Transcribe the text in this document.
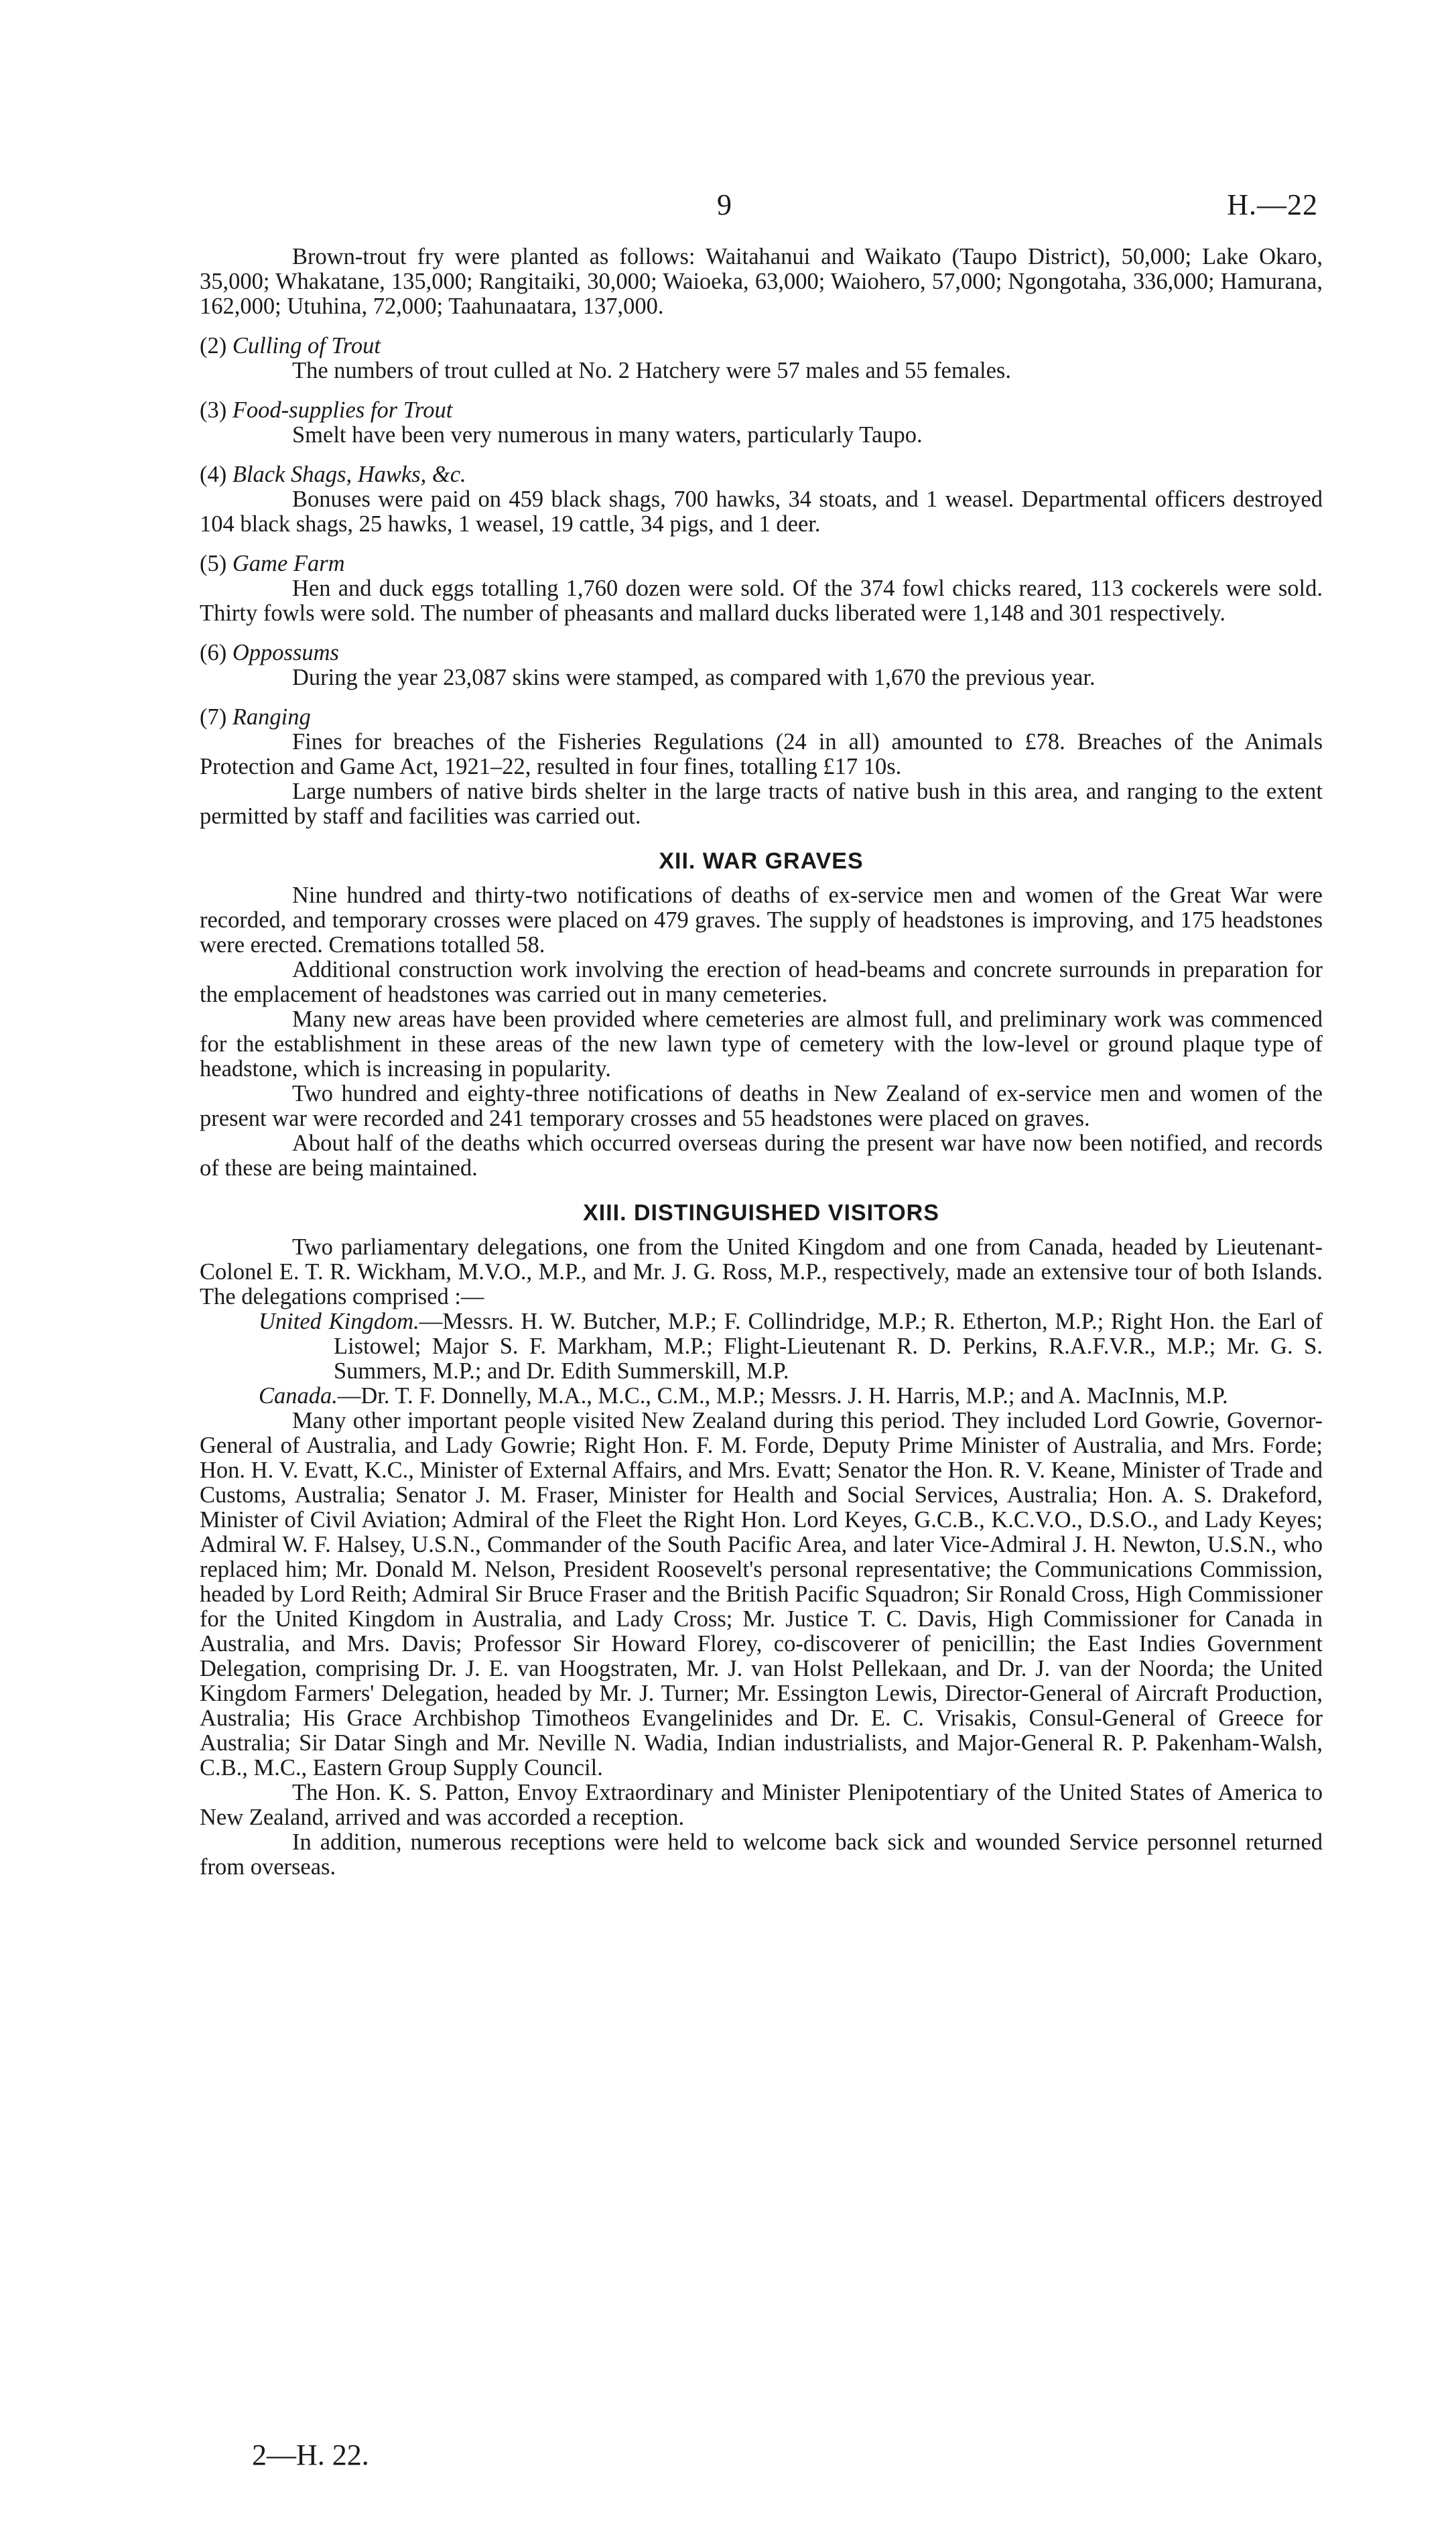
9	H.—22

Brown-trout fry were planted as follows: Waitahanui and Waikato (Taupo District), 50,000; Lake Okaro, 35,000; Whakatane, 135,000; Rangitaiki, 30,000; Waioeka, 63,000; Waiohero, 57,000; Ngongotaha, 336,000; Hamurana, 162,000; Utuhina, 72,000; Taahunaatara, 137,000.

(2) Culling of Trout

The numbers of trout culled at No. 2 Hatchery were 57 males and 55 females.

(3) Food-supplies for Trout

Smelt have been very numerous in many waters, particularly Taupo.

(4) Black Shags, Hawks, &c.

Bonuses were paid on 459 black shags, 700 hawks, 34 stoats, and 1 weasel. Departmental officers destroyed 104 black shags, 25 hawks, 1 weasel, 19 cattle, 34 pigs, and 1 deer.

(5) Game Farm

Hen and duck eggs totalling 1,760 dozen were sold. Of the 374 fowl chicks reared, 113 cockerels were sold. Thirty fowls were sold. The number of pheasants and mallard ducks liberated were 1,148 and 301 respectively.

(6) Oppossums

During the year 23,087 skins were stamped, as compared with 1,670 the previous year.

(7) Ranging

Fines for breaches of the Fisheries Regulations (24 in all) amounted to £78. Breaches of the Animals Protection and Game Act, 1921–22, resulted in four fines, totalling £17 10s.

Large numbers of native birds shelter in the large tracts of native bush in this area, and ranging to the extent permitted by staff and facilities was carried out.

XII. WAR GRAVES

Nine hundred and thirty-two notifications of deaths of ex-service men and women of the Great War were recorded, and temporary crosses were placed on 479 graves. The supply of headstones is improving, and 175 headstones were erected. Cremations totalled 58.

Additional construction work involving the erection of head-beams and concrete surrounds in preparation for the emplacement of headstones was carried out in many cemeteries.

Many new areas have been provided where cemeteries are almost full, and preliminary work was commenced for the establishment in these areas of the new lawn type of cemetery with the low-level or ground plaque type of headstone, which is increasing in popularity.

Two hundred and eighty-three notifications of deaths in New Zealand of ex-service men and women of the present war were recorded and 241 temporary crosses and 55 headstones were placed on graves.

About half of the deaths which occurred overseas during the present war have now been notified, and records of these are being maintained.

XIII. DISTINGUISHED VISITORS

Two parliamentary delegations, one from the United Kingdom and one from Canada, headed by Lieutenant-Colonel E. T. R. Wickham, M.V.O., M.P., and Mr. J. G. Ross, M.P., respectively, made an extensive tour of both Islands. The delegations comprised :—

United Kingdom.—Messrs. H. W. Butcher, M.P.; F. Collindridge, M.P.; R. Etherton, M.P.; Right Hon. the Earl of Listowel; Major S. F. Markham, M.P.; Flight-Lieutenant R. D. Perkins, R.A.F.V.R., M.P.; Mr. G. S. Summers, M.P.; and Dr. Edith Summerskill, M.P.

Canada.—Dr. T. F. Donnelly, M.A., M.C., C.M., M.P.; Messrs. J. H. Harris, M.P.; and A. MacInnis, M.P.

Many other important people visited New Zealand during this period. They included Lord Gowrie, Governor-General of Australia, and Lady Gowrie; Right Hon. F. M. Forde, Deputy Prime Minister of Australia, and Mrs. Forde; Hon. H. V. Evatt, K.C., Minister of External Affairs, and Mrs. Evatt; Senator the Hon. R. V. Keane, Minister of Trade and Customs, Australia; Senator J. M. Fraser, Minister for Health and Social Services, Australia; Hon. A. S. Drakeford, Minister of Civil Aviation; Admiral of the Fleet the Right Hon. Lord Keyes, G.C.B., K.C.V.O., D.S.O., and Lady Keyes; Admiral W. F. Halsey, U.S.N., Commander of the South Pacific Area, and later Vice-Admiral J. H. Newton, U.S.N., who replaced him; Mr. Donald M. Nelson, President Roosevelt's personal representative; the Communications Commission, headed by Lord Reith; Admiral Sir Bruce Fraser and the British Pacific Squadron; Sir Ronald Cross, High Commissioner for the United Kingdom in Australia, and Lady Cross; Mr. Justice T. C. Davis, High Commissioner for Canada in Australia, and Mrs. Davis; Professor Sir Howard Florey, co-discoverer of penicillin; the East Indies Government Delegation, comprising Dr. J. E. van Hoogstraten, Mr. J. van Holst Pellekaan, and Dr. J. van der Noorda; the United Kingdom Farmers' Delegation, headed by Mr. J. Turner; Mr. Essington Lewis, Director-General of Aircraft Production, Australia; His Grace Archbishop Timotheos Evangelinides and Dr. E. C. Vrisakis, Consul-General of Greece for Australia; Sir Datar Singh and Mr. Neville N. Wadia, Indian industrialists, and Major-General R. P. Pakenham-Walsh, C.B., M.C., Eastern Group Supply Council.

The Hon. K. S. Patton, Envoy Extraordinary and Minister Plenipotentiary of the United States of America to New Zealand, arrived and was accorded a reception.

In addition, numerous receptions were held to welcome back sick and wounded Service personnel returned from overseas.

2—H. 22.
